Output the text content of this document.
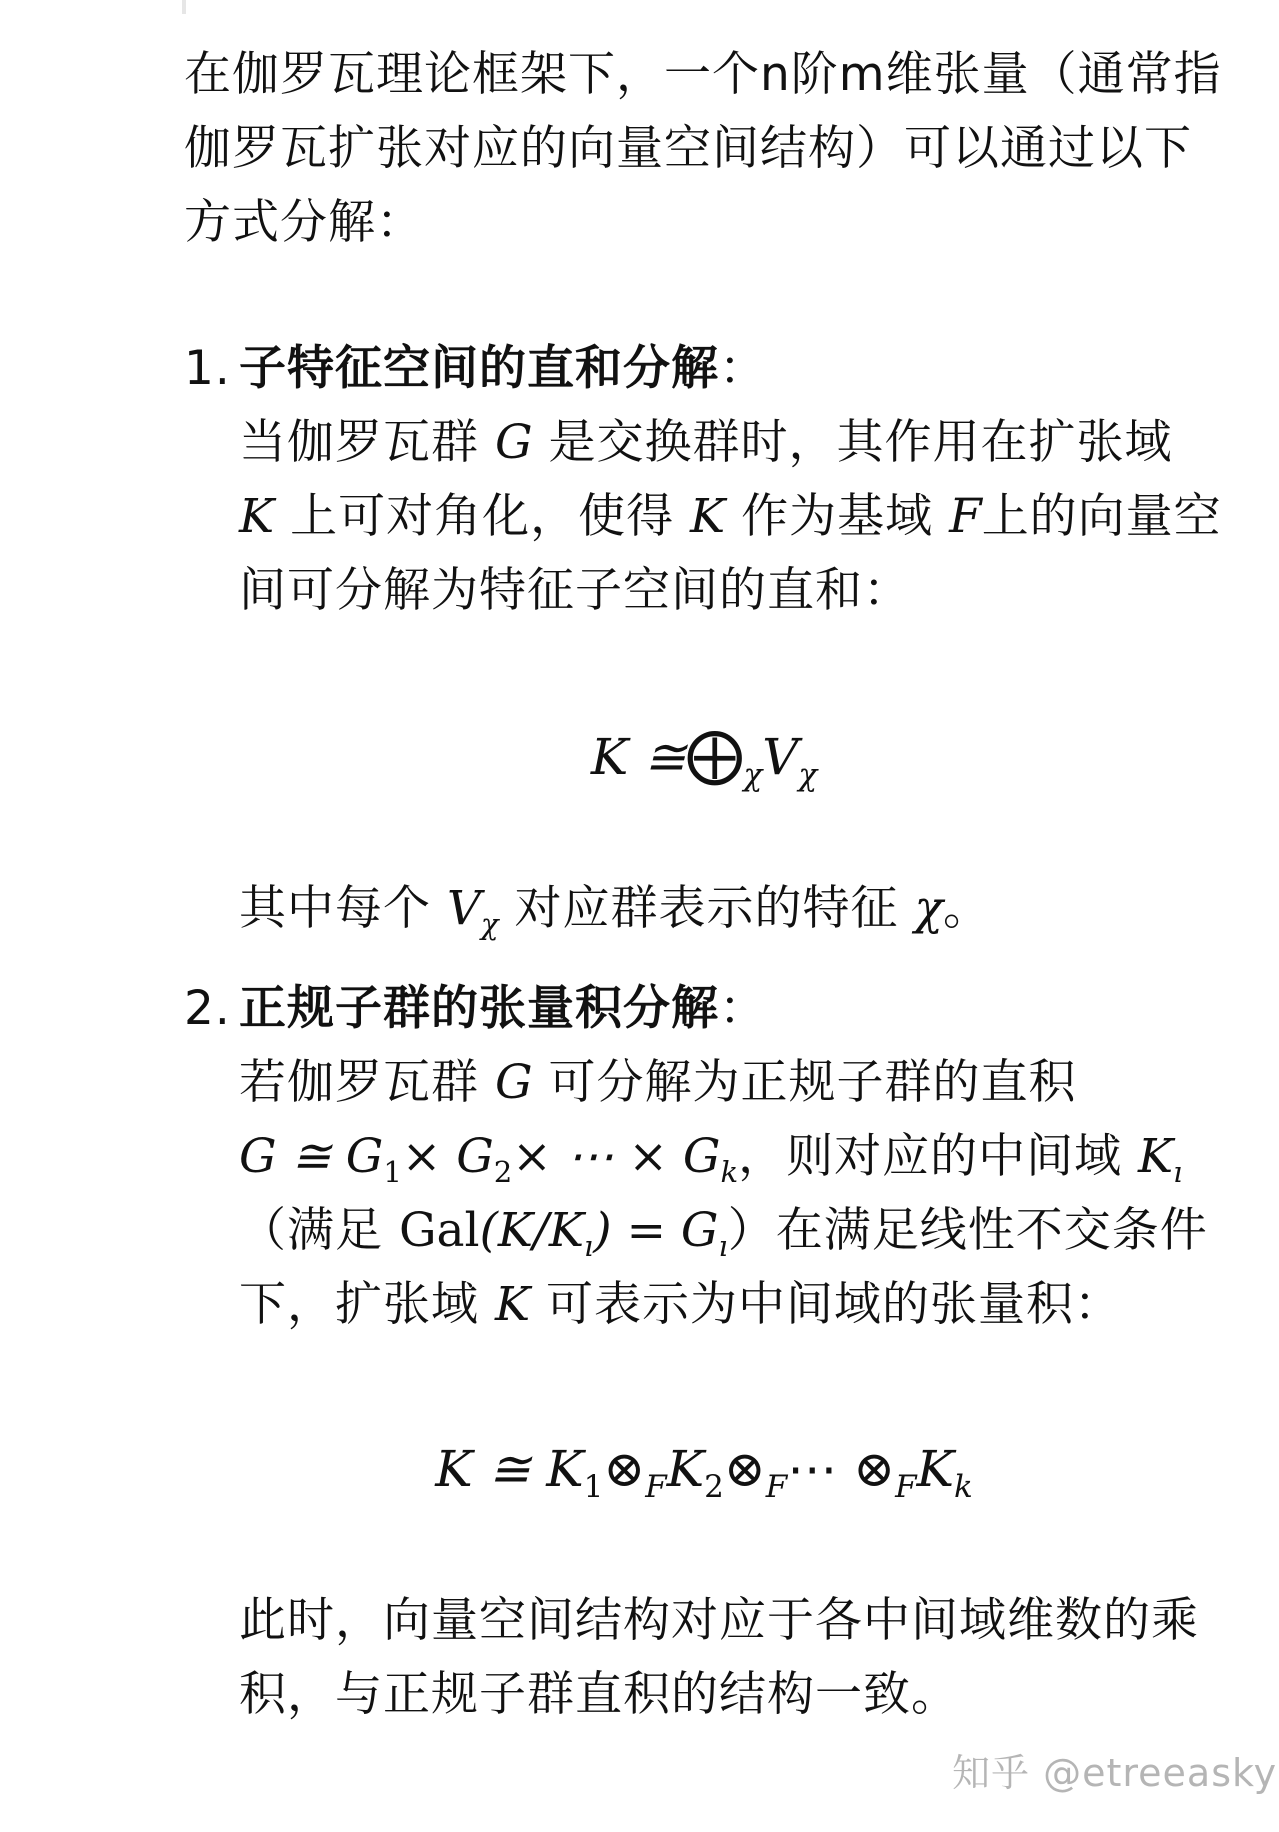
在伽罗瓦理论框架下，一个n阶m维张量（通常指伽罗瓦扩张对应的向量空间结构）可以通过以下方式分解：

1. 子特征空间的直和分解：

当伽罗瓦群 G 是交换群时，其作用在扩张域
K 上可对角化，使得 K 作为基域 F上的向量空间可分解为特征子空间的直和：

K $≅⨁_\chi V_\chi$

其中每个 $V_\chi$ 对应群表示的特征 χ。

2. 正规子群的张量积分解：

若伽罗瓦群 G 可分解为正规子群的直积
G ≅ $G_1\times G_2\times$ ⋯ × $G_k$，则对应的中间域 $K_ı$
（满足 $Gal(K/K_ı) = G_ı$）在满足线性不交条件下，扩张域 K 可表示为中间域的张量积：

K ≅ $K_1\otimes_FK_2\otimes_F\cdots$ $\otimes_FK_k$

此时，向量空间结构对应于各中间域维数的乘积，与正规子群直积的结构一致。

知乎 @etreeasky
